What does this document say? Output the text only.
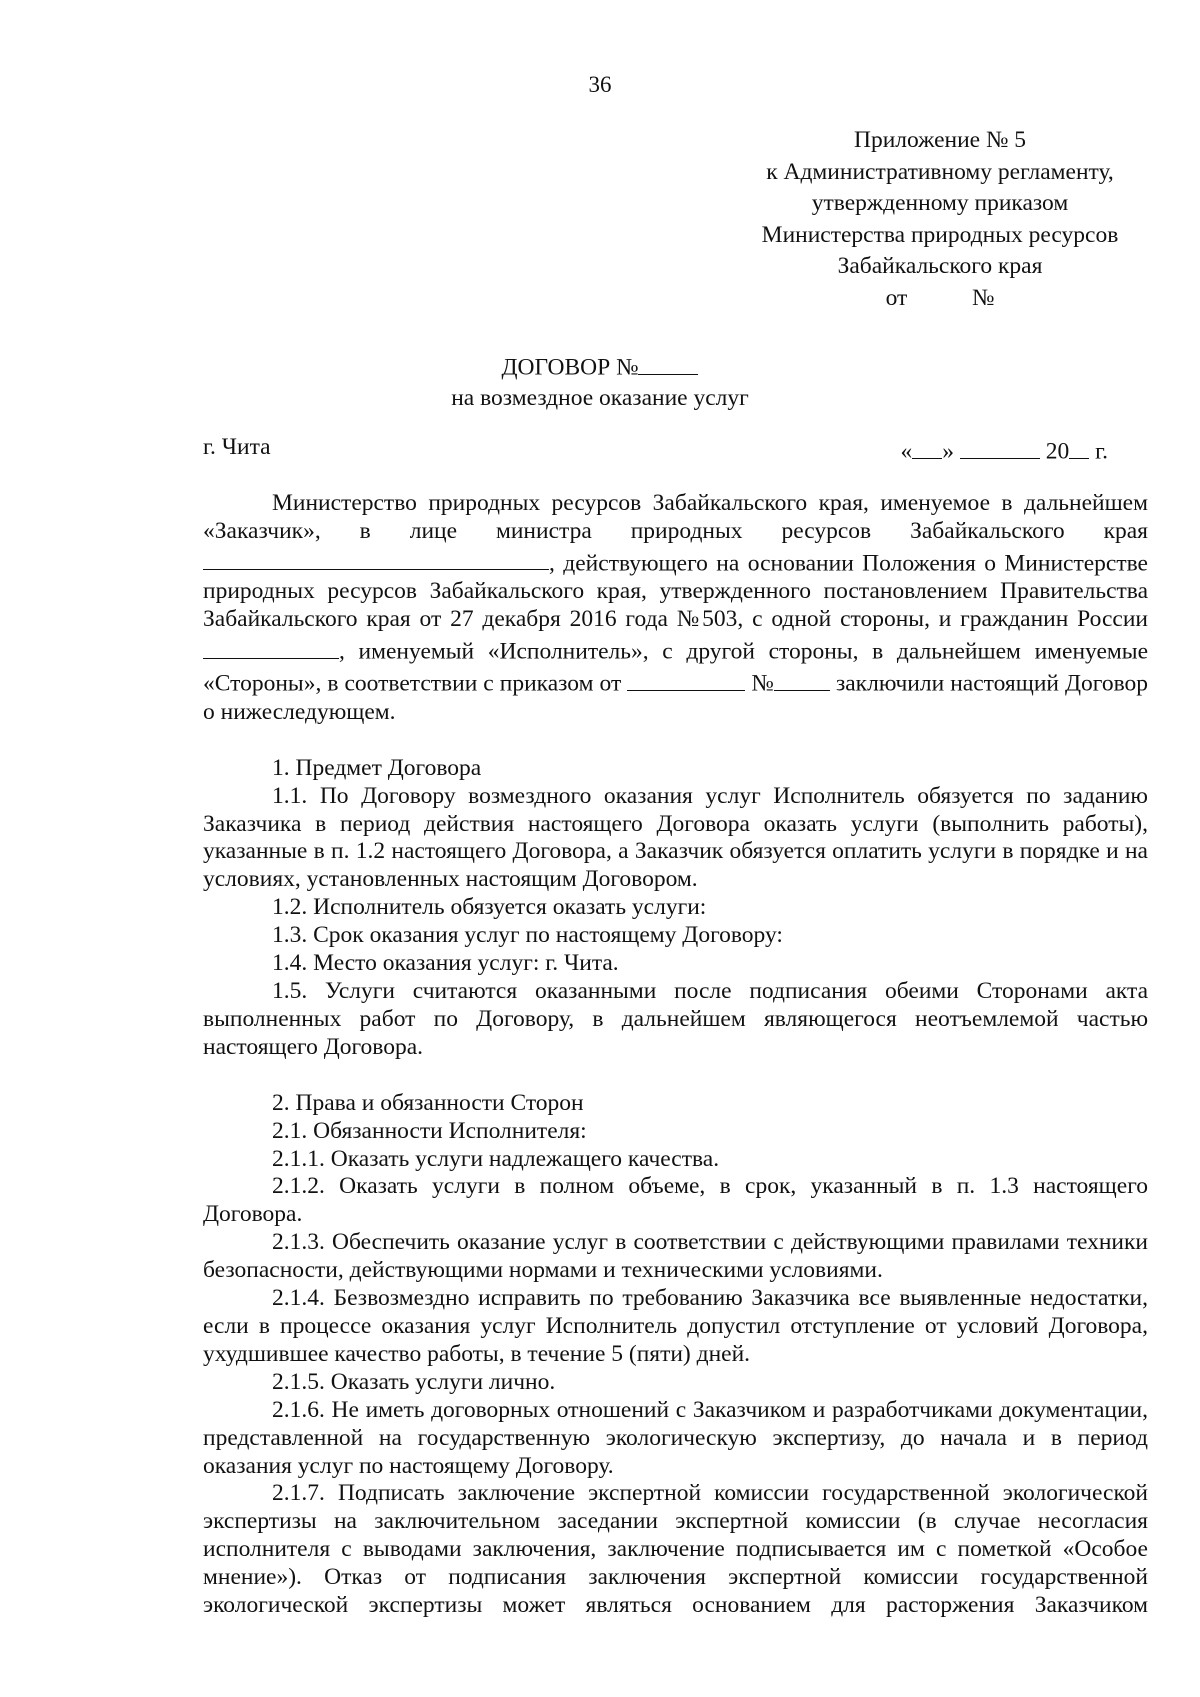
36
Приложение № 5
к Административному регламенту,
утвержденному приказом
Министерства природных ресурсов
Забайкальского края
от           №
ДОГОВОР №
на возмездное оказание услуг
г. Чита	« »	20 г.

Министерство природных ресурсов Забайкальского края, именуемое в дальнейшем «Заказчик», в лице министра природных ресурсов Забайкальского края , действующего на основании Положения о Министерстве природных ресурсов Забайкальского края, утвержденного постановлением Правительства Забайкальского края от 27 декабря 2016 года №503, с одной стороны, и гражданин России , именуемый «Исполнитель», с другой стороны, в дальнейшем именуемые «Стороны», в соответствии с приказом от	№	заключили настоящий Договор о нижеследующем.

1. Предмет Договора

1.1. По Договору возмездного оказания услуг Исполнитель обязуется по заданию Заказчика в период действия настоящего Договора оказать услуги (выполнить работы), указанные в п. 1.2 настоящего Договора, а Заказчик обязуется оплатить услуги в порядке и на условиях, установленных настоящим Договором.

1.2. Исполнитель обязуется оказать услуги:

1.3. Срок оказания услуг по настоящему Договору:

1.4. Место оказания услуг: г. Чита.

1.5. Услуги считаются оказанными после подписания обеими Сторонами акта выполненных работ по Договору, в дальнейшем являющегося неотъемлемой частью настоящего Договора.

2. Права и обязанности Сторон

2.1. Обязанности Исполнителя:

2.1.1. Оказать услуги надлежащего качества.

2.1.2. Оказать услуги в полном объеме, в срок, указанный в п. 1.3 настоящего Договора.

2.1.3. Обеспечить оказание услуг в соответствии с действующими правилами техники безопасности, действующими нормами и техническими условиями.

2.1.4. Безвозмездно исправить по требованию Заказчика все выявленные недостатки, если в процессе оказания услуг Исполнитель допустил отступление от условий Договора, ухудшившее качество работы, в течение 5 (пяти) дней.

2.1.5. Оказать услуги лично.

2.1.6. Не иметь договорных отношений с Заказчиком и разработчиками документации, представленной на государственную экологическую экспертизу, до начала и в период оказания услуг по настоящему Договору.

2.1.7. Подписать заключение экспертной комиссии государственной экологической экспертизы на заключительном заседании экспертной комиссии (в случае несогласия исполнителя с выводами заключения, заключение подписывается им с пометкой «Особое мнение»). Отказ от подписания заключения экспертной комиссии государственной экологической экспертизы может являться основанием для расторжения Заказчиком
